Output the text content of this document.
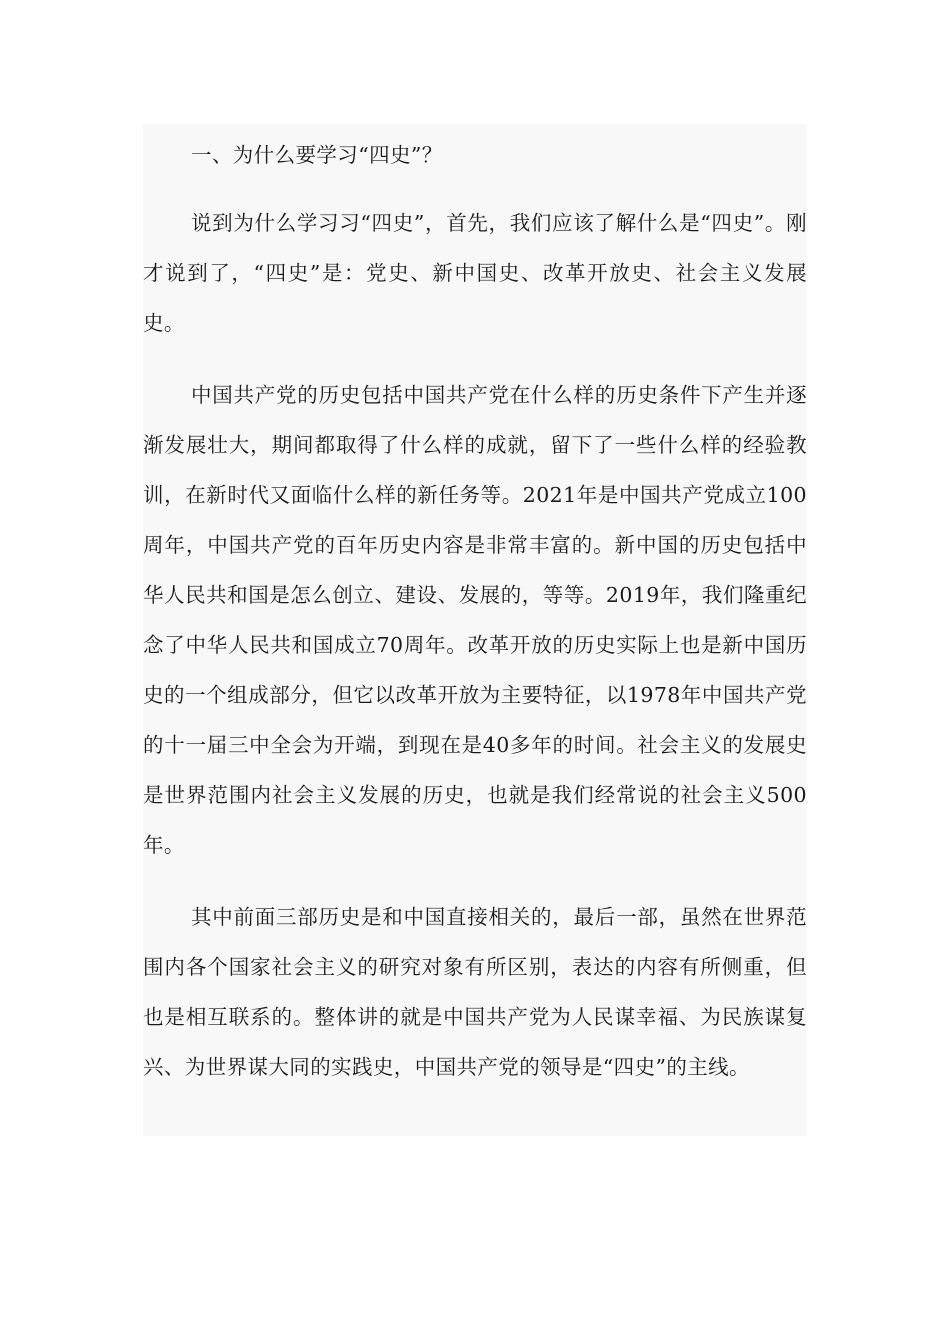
一、为什么要学习“四史”？

说到为什么学习习“四史”，首先，我们应该了解什么是“四史”。刚才说到了，“四史”是：党史、新中国史、改革开放史、社会主义发展史。

中国共产党的历史包括中国共产党在什么样的历史条件下产生并逐渐发展壮大，期间都取得了什么样的成就，留下了一些什么样的经验教训，在新时代又面临什么样的新任务等。2021年是中国共产党成立100周年，中国共产党的百年历史内容是非常丰富的。新中国的历史包括中华人民共和国是怎么创立、建设、发展的，等等。2019年，我们隆重纪念了中华人民共和国成立70周年。改革开放的历史实际上也是新中国历史的一个组成部分，但它以改革开放为主要特征，以1978年中国共产党的十一届三中全会为开端，到现在是40多年的时间。社会主义的发展史是世界范围内社会主义发展的历史，也就是我们经常说的社会主义500年。

其中前面三部历史是和中国直接相关的，最后一部，虽然在世界范围内各个国家社会主义的研究对象有所区别，表达的内容有所侧重，但也是相互联系的。整体讲的就是中国共产党为人民谋幸福、为民族谋复兴、为世界谋大同的实践史，中国共产党的领导是“四史”的主线。
